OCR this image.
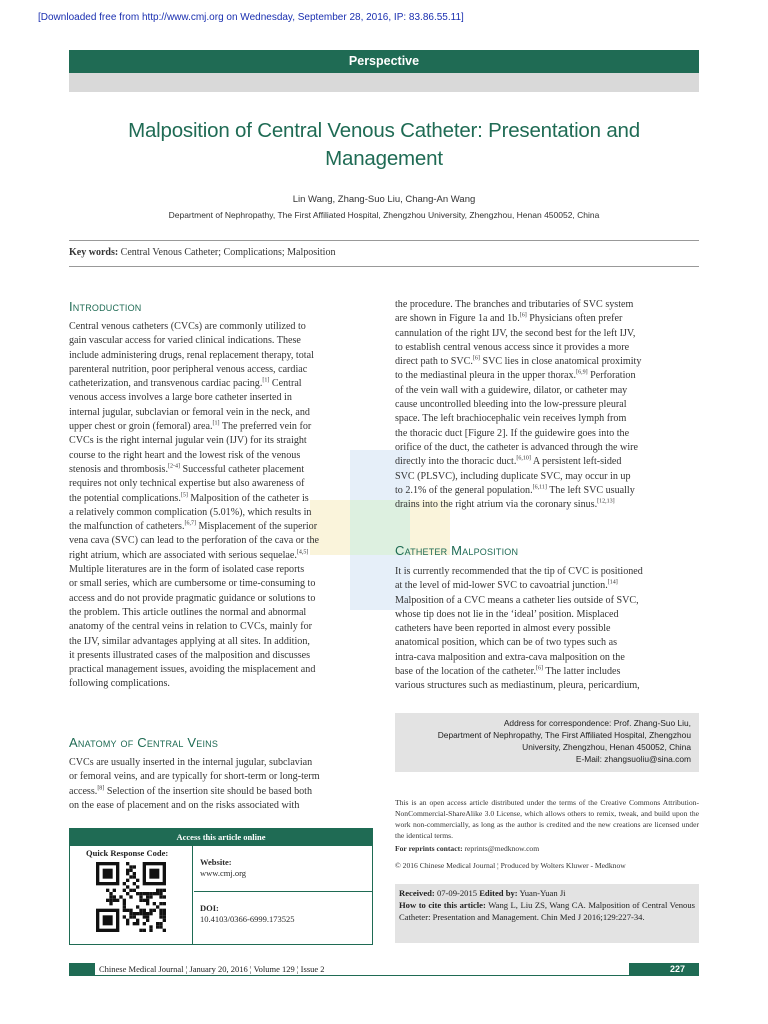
[Downloaded free from http://www.cmj.org on Wednesday, September 28, 2016, IP: 83.86.55.11]
Perspective
Malposition of Central Venous Catheter: Presentation and
Management
Lin Wang, Zhang-Suo Liu, Chang-An Wang
Department of Nephropathy, The First Affiliated Hospital, Zhengzhou University, Zhengzhou, Henan 450052, China
Key words: Central Venous Catheter; Complications; Malposition
Introduction
Central venous catheters (CVCs) are commonly utilized to
gain vascular access for varied clinical indications. These
include administering drugs, renal replacement therapy, total
parenteral nutrition, poor peripheral venous access, cardiac
catheterization, and transvenous cardiac pacing.[1] Central
venous access involves a large bore catheter inserted in
internal jugular, subclavian or femoral vein in the neck, and
upper chest or groin (femoral) area.[1] The preferred vein for
CVCs is the right internal jugular vein (IJV) for its straight
course to the right heart and the lowest risk of the venous
stenosis and thrombosis.[2-4] Successful catheter placement
requires not only technical expertise but also awareness of
the potential complications.[5] Malposition of the catheter is
a relatively common complication (5.01%), which results in
the malfunction of catheters.[6,7] Misplacement of the superior
vena cava (SVC) can lead to the perforation of the cava or the
right atrium, which are associated with serious sequelae.[4,5]
Multiple literatures are in the form of isolated case reports
or small series, which are cumbersome or time-consuming to
access and do not provide pragmatic guidance or solutions to
the problem. This article outlines the normal and abnormal
anatomy of the central veins in relation to CVCs, mainly for
the IJV, similar advantages applying at all sites. In addition,
it presents illustrated cases of the malposition and discusses
practical management issues, avoiding the misplacement and
following complications.
Anatomy of Central Veins
CVCs are usually inserted in the internal jugular, subclavian
or femoral veins, and are typically for short-term or long-term
access.[8] Selection of the insertion site should be based both
on the ease of placement and on the risks associated with
the procedure. The branches and tributaries of SVC system
are shown in Figure 1a and 1b.[6] Physicians often prefer
cannulation of the right IJV, the second best for the left IJV,
to establish central venous access since it provides a more
direct path to SVC.[6] SVC lies in close anatomical proximity
to the mediastinal pleura in the upper thorax.[6,9] Perforation
of the vein wall with a guidewire, dilator, or catheter may
cause uncontrolled bleeding into the low-pressure pleural
space. The left brachiocephalic vein receives lymph from
the thoracic duct [Figure 2]. If the guidewire goes into the
orifice of the duct, the catheter is advanced through the wire
directly into the thoracic duct.[6,10] A persistent left-sided
SVC (PLSVC), including duplicate SVC, may occur in up
to 2.1% of the general population.[6,11] The left SVC usually
drains into the right atrium via the coronary sinus.[12,13]
Catheter Malposition
It is currently recommended that the tip of CVC is positioned
at the level of mid-lower SVC to cavoatrial junction.[14]
Malposition of a CVC means a catheter lies outside of SVC,
whose tip does not lie in the ‘ideal’ position. Misplaced
catheters have been reported in almost every possible
anatomical position, which can be of two types such as
intra-cava malposition and extra-cava malposition on the
base of the location of the catheter.[6] The latter includes
various structures such as mediastinum, pleura, pericardium,
Address for correspondence: Prof. Zhang-Suo Liu,
Department of Nephropathy, The First Affiliated Hospital, Zhengzhou
University, Zhengzhou, Henan 450052, China
E-Mail: zhangsuoliu@sina.com
This is an open access article distributed under the terms of the Creative Commons Attribution-NonCommercial-ShareAlike 3.0 License, which allows others to remix, tweak, and build upon the work non-commercially, as long as the author is credited and the new creations are licensed under the identical terms.
For reprints contact: reprints@medknow.com
© 2016 Chinese Medical Journal ¦ Produced by Wolters Kluwer - Medknow
Received: 07-09-2015 Edited by: Yuan-Yuan Ji
How to cite this article: Wang L, Liu ZS, Wang CA. Malposition of Central Venous Catheter: Presentation and Management. Chin Med J 2016;129:227-34.
Access this article online
Quick Response Code:
Website:
www.cmj.org
DOI:
10.4103/0366-6999.173525
Chinese Medical Journal ¦ January 20, 2016 ¦ Volume 129 ¦ Issue 2	227
